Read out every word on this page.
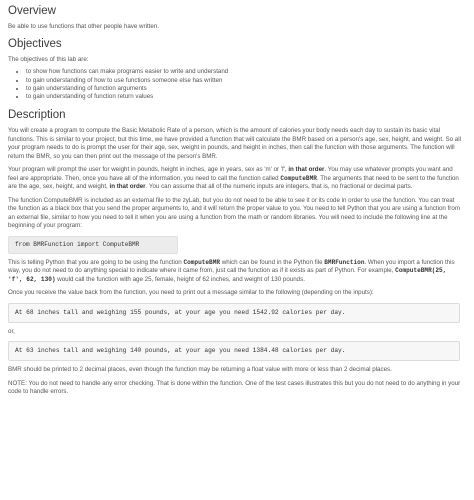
Overview

Be able to use functions that other people have written.

Objectives

The objectives of this lab are:

• to show how functions can make programs easier to write and understand
• to gain understanding of how to use functions someone else has written
• to gain understanding of function arguments
• to gain understanding of function return values
Description

You will create a program to compute the Basic Metabolic Rate of a person, which is the amount of calories your body needs each day to sustain its basic vital functions. This is similar to your project, but this time, we have provided a function that will calculate the BMR based on a person's age, sex, height, and weight. So all your program needs to do is prompt the user for their age, sex, weight in pounds, and height in inches, then call the function with those arguments. The function will return the BMR, so you can then print out the message of the person's BMR.

Your program will prompt the user for weight in pounds, height in inches, age in years, sex as 'm' or 'f', in that order. You may use whatever prompts you want and feel are appropriate. Then, once you have all of the information, you need to call the function called ComputeBMR. The arguments that need to be sent to the function are the age, sex, height, and weight, in that order. You can assume that all of the numeric inputs are integers, that is, no fractional or decimal parts.

The function ComputeBMR is included as an external file to the zyLab, but you do not need to be able to see it or its code in order to use the function. You can treat the function as a black box that you send the proper arguments to, and it will return the proper value to you. You need to tell Python that you are using a function from an external file, similar to how you need to tell it when you are using a function from the math or random libraries. You will need to include the following line at the beginning of your program:

from BMRFunction import ComputeBMR

This is telling Python that you are going to be using the function ComputeBMR which can be found in the Python file BMRFunction. When you import a function this way, you do not need to do anything special to indicate where it came from, just call the function as if it exists as part of Python. For example, ComputeBMR(25, 'f', 62, 130) would call the function with age 25, female, height of 62 inches, and weight of 130 pounds.

Once you receive the value back from the function, you need to print out a message similar to the following (depending on the inputs):

At 68 inches tall and weighing 155 pounds, at your age you need 1542.92 calories per day.

or,

At 63 inches tall and weighing 140 pounds, at your age you need 1384.48 calories per day.

BMR should be printed to 2 decimal places, even though the function may be returning a float value with more or less than 2 decimal places.

NOTE: You do not need to handle any error checking. That is done within the function. One of the test cases illustrates this but you do not need to do anything in your code to handle errors.
